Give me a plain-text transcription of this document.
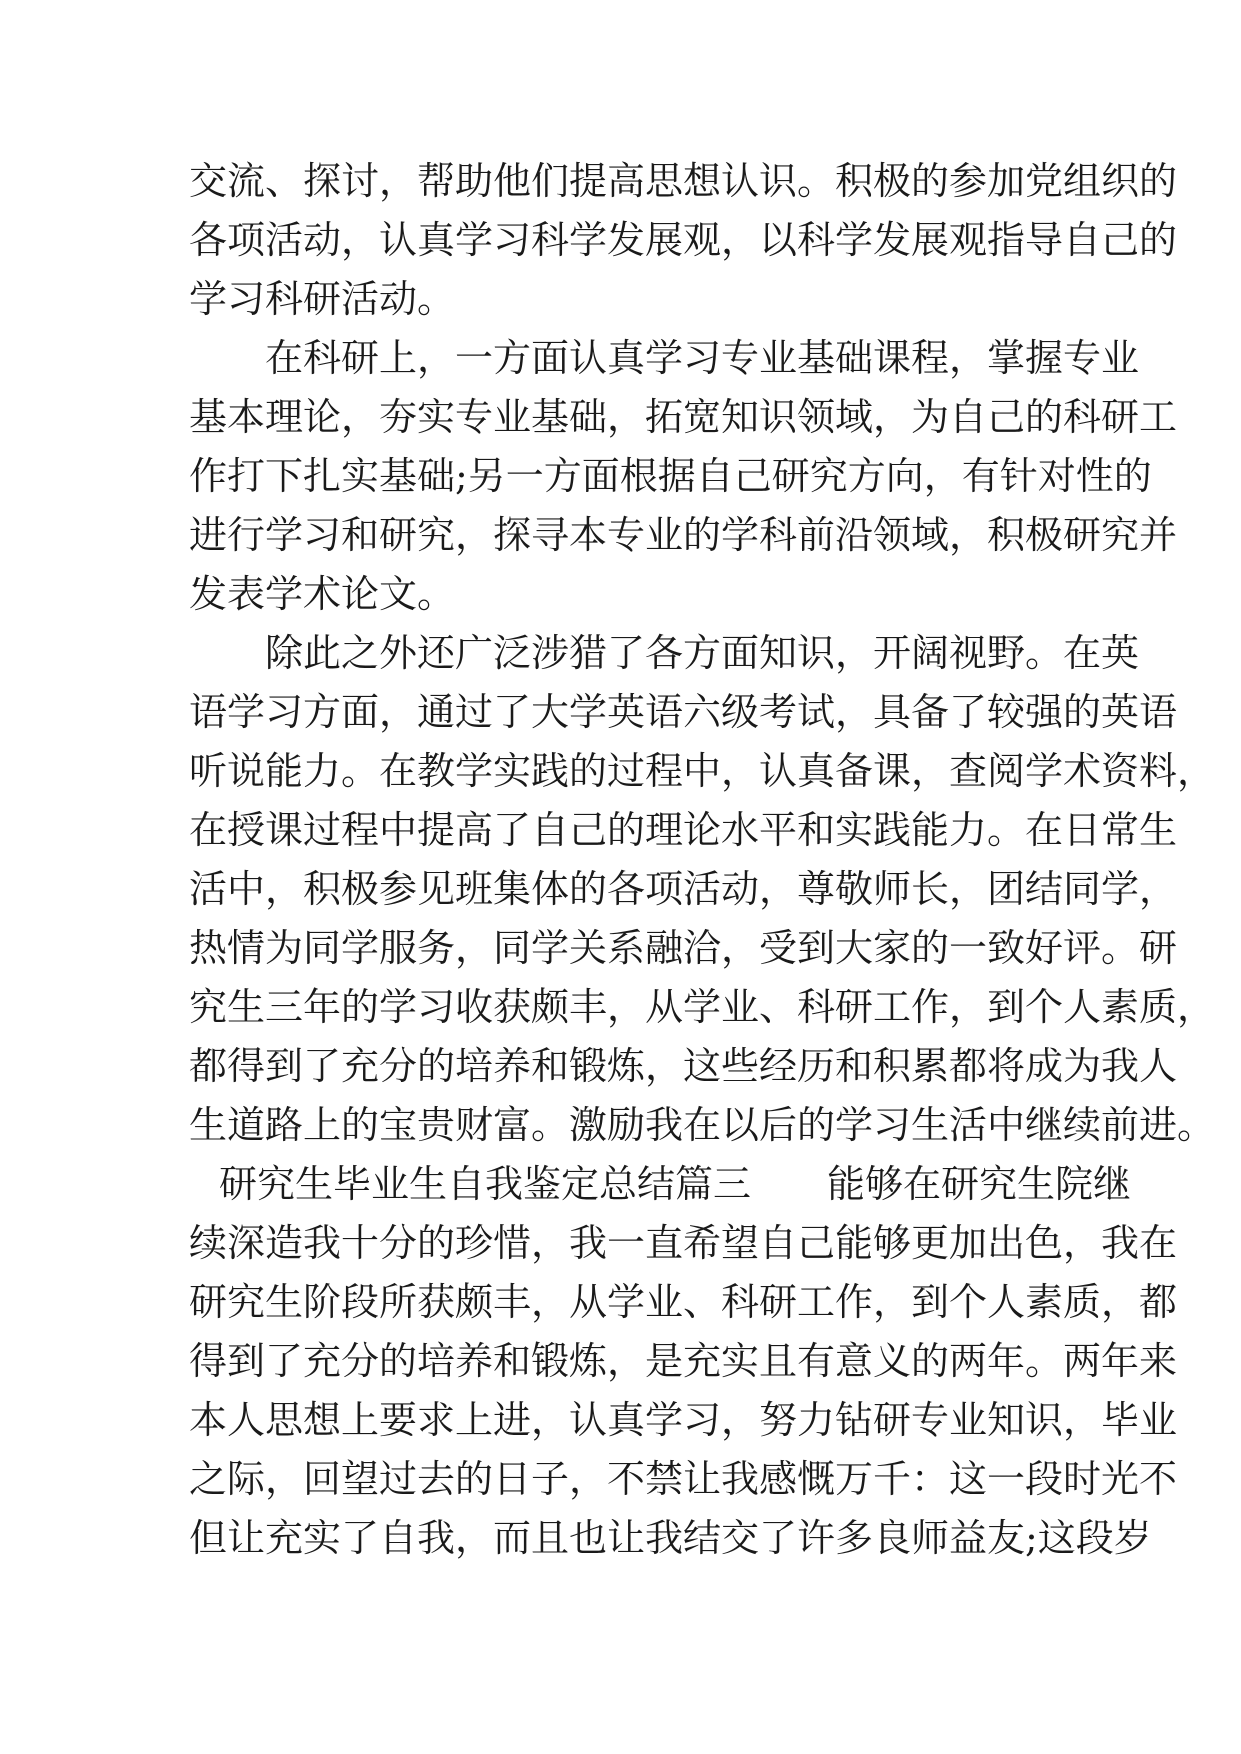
交流、探讨，帮助他们提高思想认识。积极的参加党组织的
各项活动，认真学习科学发展观，以科学发展观指导自己的
学习科研活动。
在科研上，一方面认真学习专业基础课程，掌握专业
基本理论，夯实专业基础，拓宽知识领域，为自己的科研工
作打下扎实基础;另一方面根据自己研究方向，有针对性的
进行学习和研究，探寻本专业的学科前沿领域，积极研究并
发表学术论文。
除此之外还广泛涉猎了各方面知识，开阔视野。在英
语学习方面，通过了大学英语六级考试，具备了较强的英语
听说能力。在教学实践的过程中，认真备课，查阅学术资料，
在授课过程中提高了自己的理论水平和实践能力。在日常生
活中，积极参见班集体的各项活动，尊敬师长，团结同学，
热情为同学服务，同学关系融洽，受到大家的一致好评。研
究生三年的学习收获颇丰，从学业、科研工作，到个人素质，
都得到了充分的培养和锻炼，这些经历和积累都将成为我人
生道路上的宝贵财富。激励我在以后的学习生活中继续前进。
研究生毕业生自我鉴定总结篇三　　能够在研究生院继
续深造我十分的珍惜，我一直希望自己能够更加出色，我在
研究生阶段所获颇丰，从学业、科研工作，到个人素质，都
得到了充分的培养和锻炼，是充实且有意义的两年。两年来
本人思想上要求上进，认真学习，努力钻研专业知识，毕业
之际，回望过去的日子，不禁让我感慨万千：这一段时光不
但让充实了自我，而且也让我结交了许多良师益友;这段岁
